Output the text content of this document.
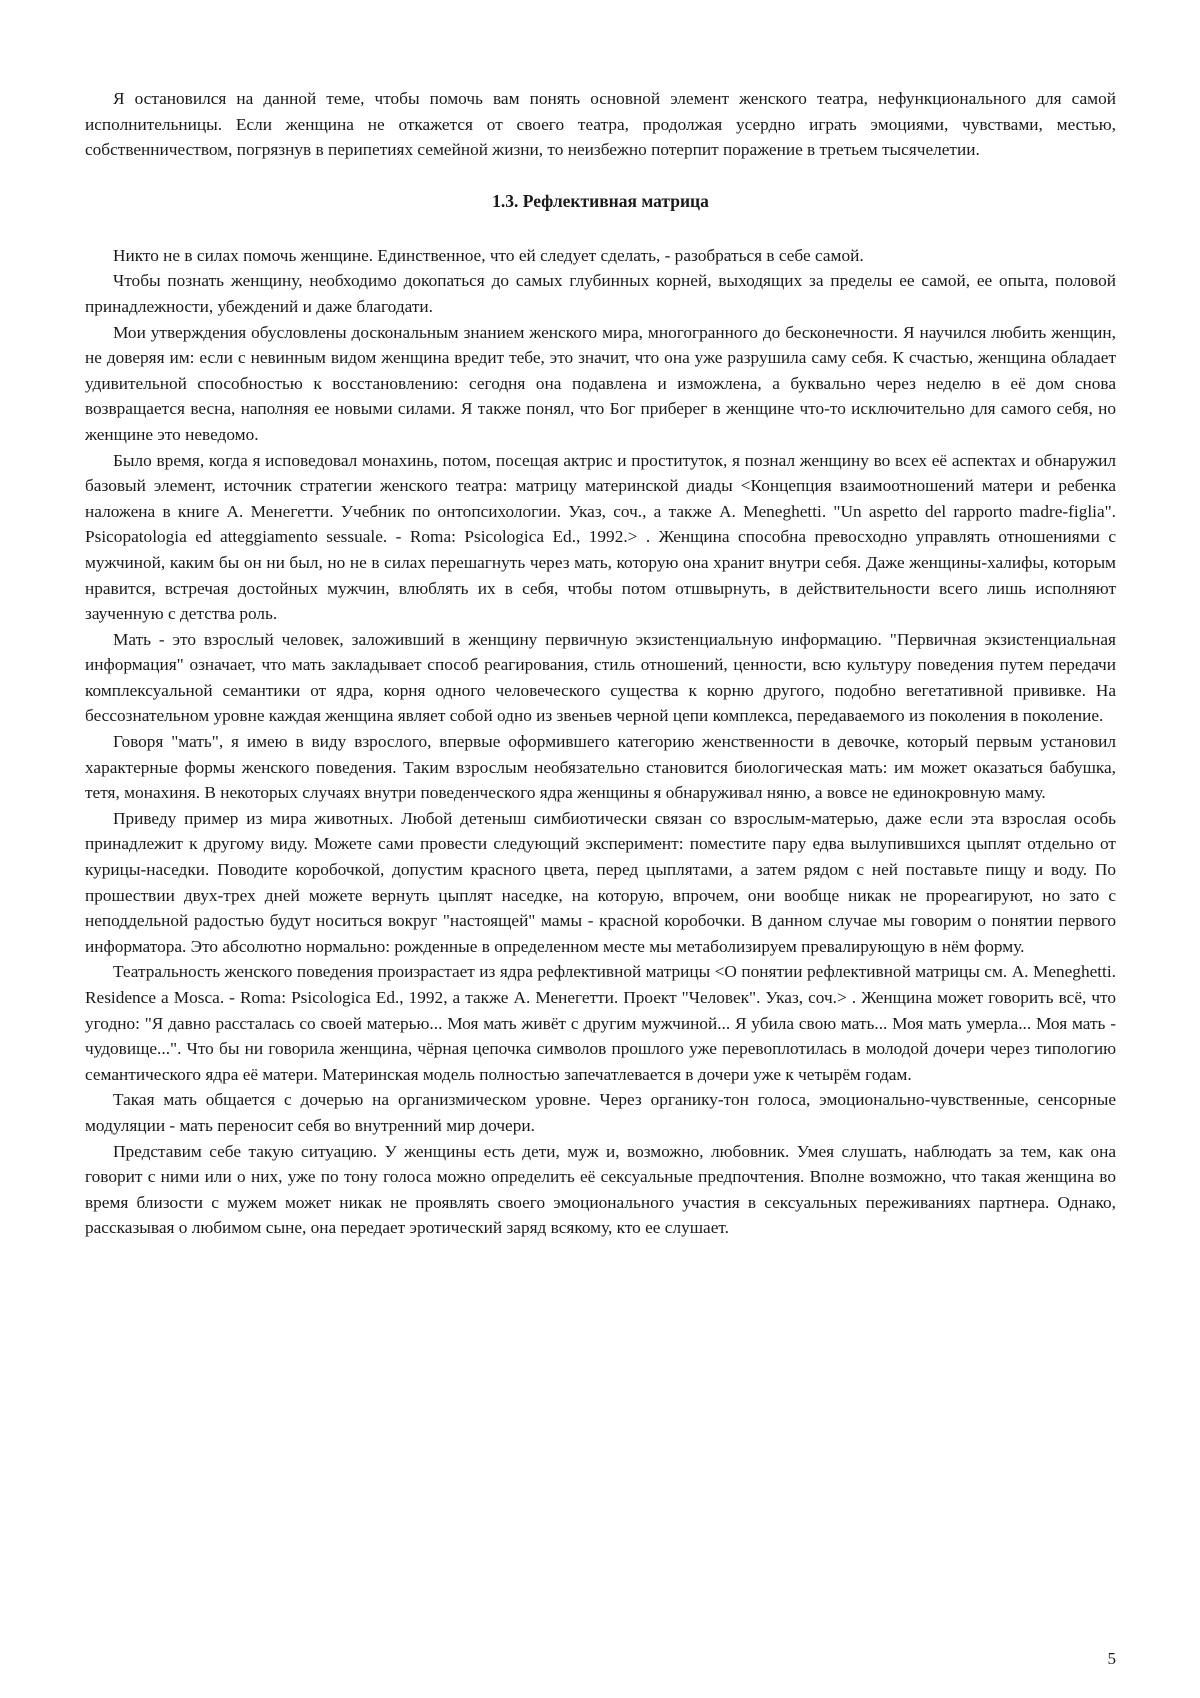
Я остановился на данной теме, чтобы помочь вам понять основной элемент женского театра, нефункционального для самой исполнительницы. Если женщина не откажется от своего театра, продолжая усердно играть эмоциями, чувствами, местью, собственничеством, погрязнув в перипетиях семейной жизни, то неизбежно потерпит поражение в третьем тысячелетии.

1.3. Рефлективная матрица

Никто не в силах помочь женщине. Единственное, что ей следует сделать, - разобраться в себе самой.

Чтобы познать женщину, необходимо докопаться до самых глубинных корней, выходящих за пределы ее самой, ее опыта, половой принадлежности, убеждений и даже благодати.

Мои утверждения обусловлены доскональным знанием женского мира, многогранного до бесконечности. Я научился любить женщин, не доверяя им: если с невинным видом женщина вредит тебе, это значит, что она уже разрушила саму себя. К счастью, женщина обладает удивительной способностью к восстановлению: сегодня она подавлена и изможлена, а буквально через неделю в её дом снова возвращается весна, наполняя ее новыми силами. Я также понял, что Бог приберег в женщине что-то исключительно для самого себя, но женщине это неведомо.

Было время, когда я исповедовал монахинь, потом, посещая актрис и проституток, я познал женщину во всех её аспектах и обнаружил базовый элемент, источник стратегии женского театра: матрицу материнской диады <Концепция взаимоотношений матери и ребенка наложена в книге А. Менегетти. Учебник по онтопсихологии. Указ, соч., а также A. Meneghetti. "Un aspetto del rapporto madre-figlia". Psicopatologia ed atteggiamento sessuale. - Roma: Psicologica Ed., 1992.> . Женщина способна превосходно управлять отношениями с мужчиной, каким бы он ни был, но не в силах перешагнуть через мать, которую она хранит внутри себя. Даже женщины-халифы, которым нравится, встречая достойных мужчин, влюблять их в себя, чтобы потом отшвырнуть, в действительности всего лишь исполняют заученную с детства роль.

Мать - это взрослый человек, заложивший в женщину первичную экзистенциальную информацию. "Первичная экзистенциальная информация" означает, что мать закладывает способ реагирования, стиль отношений, ценности, всю культуру поведения путем передачи комплексуальной семантики от ядра, корня одного человеческого существа к корню другого, подобно вегетативной прививке. На бессознательном уровне каждая женщина являет собой одно из звеньев черной цепи комплекса, передаваемого из поколения в поколение.

Говоря "мать", я имею в виду взрослого, впервые оформившего категорию женственности в девочке, который первым установил характерные формы женского поведения. Таким взрослым необязательно становится биологическая мать: им может оказаться бабушка, тетя, монахиня. В некоторых случаях внутри поведенческого ядра женщины я обнаруживал няню, а вовсе не единокровную маму.

Приведу пример из мира животных. Любой детеныш симбиотически связан со взрослым-матерью, даже если эта взрослая особь принадлежит к другому виду. Можете сами провести следующий эксперимент: поместите пару едва вылупившихся цыплят отдельно от курицы-наседки. Поводите коробочкой, допустим красного цвета, перед цыплятами, а затем рядом с ней поставьте пищу и воду. По прошествии двух-трех дней можете вернуть цыплят наседке, на которую, впрочем, они вообще никак не прореагируют, но зато с неподдельной радостью будут носиться вокруг "настоящей" мамы - красной коробочки. В данном случае мы говорим о понятии первого информатора. Это абсолютно нормально: рожденные в определенном месте мы метаболизируем превалирующую в нём форму.

Театральность женского поведения произрастает из ядра рефлективной матрицы <О понятии рефлективной матрицы см. A. Meneghetti. Residence a Mosca. - Roma: Psicologica Ed., 1992, а также А. Менегетти. Проект "Человек". Указ, соч.> . Женщина может говорить всё, что угодно: "Я давно рассталась со своей матерью... Моя мать живёт с другим мужчиной... Я убила свою мать... Моя мать умерла... Моя мать - чудовище...". Что бы ни говорила женщина, чёрная цепочка символов прошлого уже перевоплотилась в молодой дочери через типологию семантического ядра её матери. Материнская модель полностью запечатлевается в дочери уже к четырём годам.

Такая мать общается с дочерью на организмическом уровне. Через органику-тон голоса, эмоционально-чувственные, сенсорные модуляции - мать переносит себя во внутренний мир дочери.

Представим себе такую ситуацию. У женщины есть дети, муж и, возможно, любовник. Умея слушать, наблюдать за тем, как она говорит с ними или о них, уже по тону голоса можно определить её сексуальные предпочтения. Вполне возможно, что такая женщина во время близости с мужем может никак не проявлять своего эмоционального участия в сексуальных переживаниях партнера. Однако, рассказывая о любимом сыне, она передает эротический заряд всякому, кто ее слушает.

5
